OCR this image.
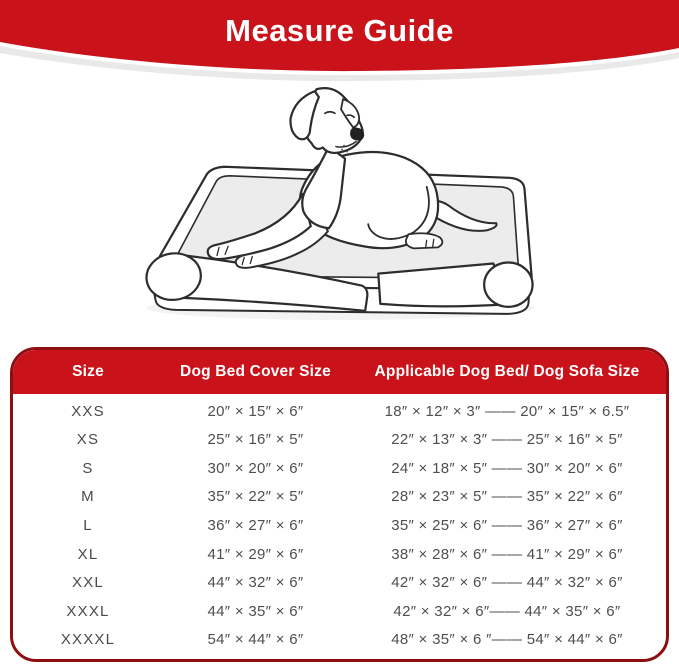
Measure Guide
Size	Dog Bed Cover Size	Applicable Dog Bed/ Dog Sofa Size
XXS	20″ × 15″ × 6″	18″ × 12″ × 3″ —— 20″ × 15″ × 6.5″
XS	25″ × 16″ × 5″	22″ × 13″ × 3″ —— 25″ × 16″ × 5″
S	30″ × 20″ × 6″	24″ × 18″ × 5″ —— 30″ × 20″ × 6″
M	35″ × 22″ × 5″	28″ × 23″ × 5″ —— 35″ × 22″ × 6″
L	36″ × 27″ × 6″	35″ × 25″ × 6″ —— 36″ × 27″ × 6″
XL	41″ × 29″ × 6″	38″ × 28″ × 6″ —— 41″ × 29″ × 6″
XXL	44″ × 32″ × 6″	42″ × 32″ × 6″ —— 44″ × 32″ × 6″
XXXL	44″ × 35″ × 6″	42″ × 32″ × 6″—— 44″ × 35″ × 6″
XXXXL	54″ × 44″ × 6″	48″ × 35″ × 6 ″—— 54″ × 44″ × 6″
